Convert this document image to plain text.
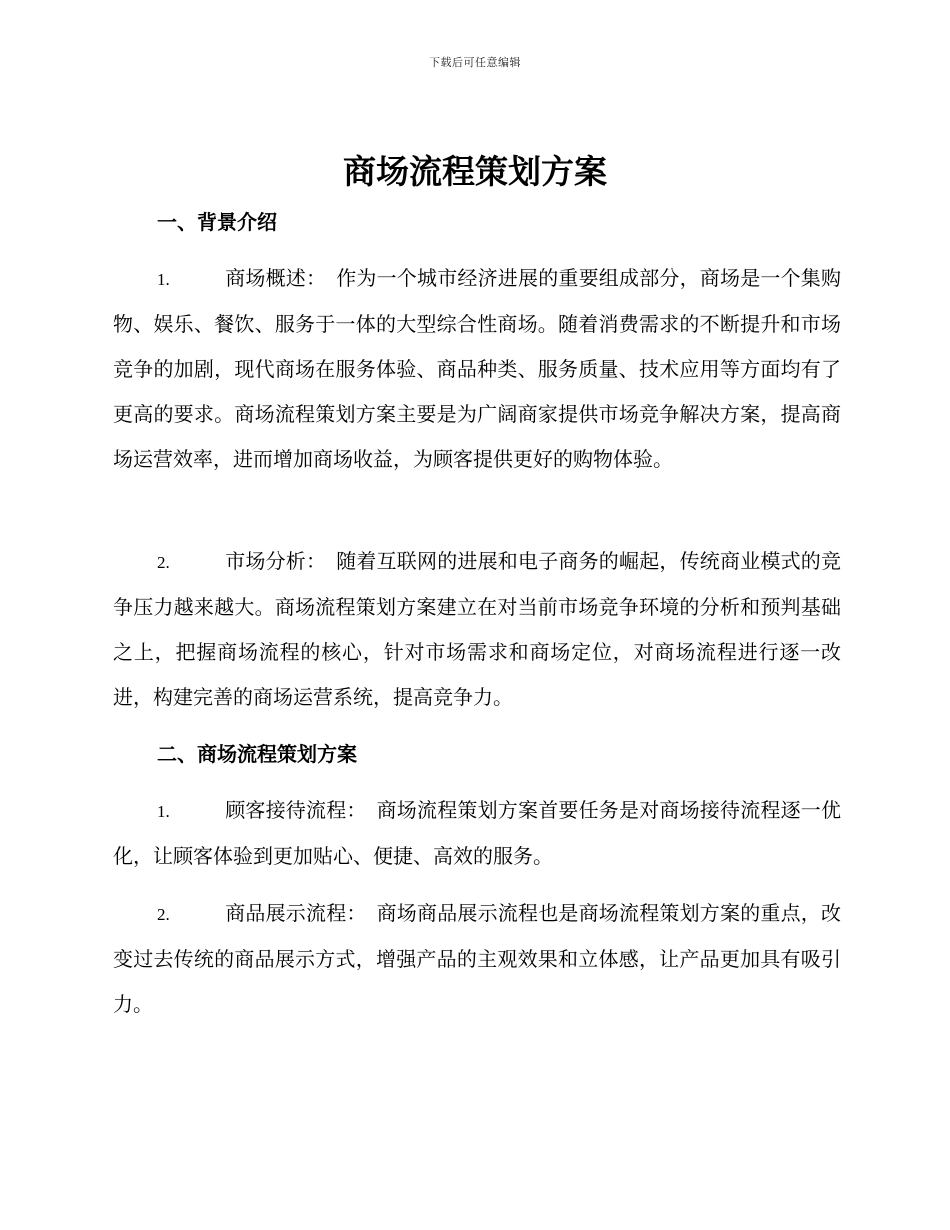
下载后可任意编辑
商场流程策划方案
一、背景介绍

1.	商场概述： 作为一个城市经济进展的重要组成部分，商场是一个集购物、娱乐、餐饮、服务于一体的大型综合性商场。随着消费需求的不断提升和市场竞争的加剧，现代商场在服务体验、商品种类、服务质量、技术应用等方面均有了更高的要求。商场流程策划方案主要是为广阔商家提供市场竞争解决方案，提高商场运营效率，进而增加商场收益，为顾客提供更好的购物体验。

2.	市场分析： 随着互联网的进展和电子商务的崛起，传统商业模式的竞争压力越来越大。商场流程策划方案建立在对当前市场竞争环境的分析和预判基础之上，把握商场流程的核心，针对市场需求和商场定位，对商场流程进行逐一改进，构建完善的商场运营系统，提高竞争力。

二、商场流程策划方案

1.	顾客接待流程： 商场流程策划方案首要任务是对商场接待流程逐一优化，让顾客体验到更加贴心、便捷、高效的服务。

2.	商品展示流程： 商场商品展示流程也是商场流程策划方案的重点，改变过去传统的商品展示方式，增强产品的主观效果和立体感，让产品更加具有吸引力。
